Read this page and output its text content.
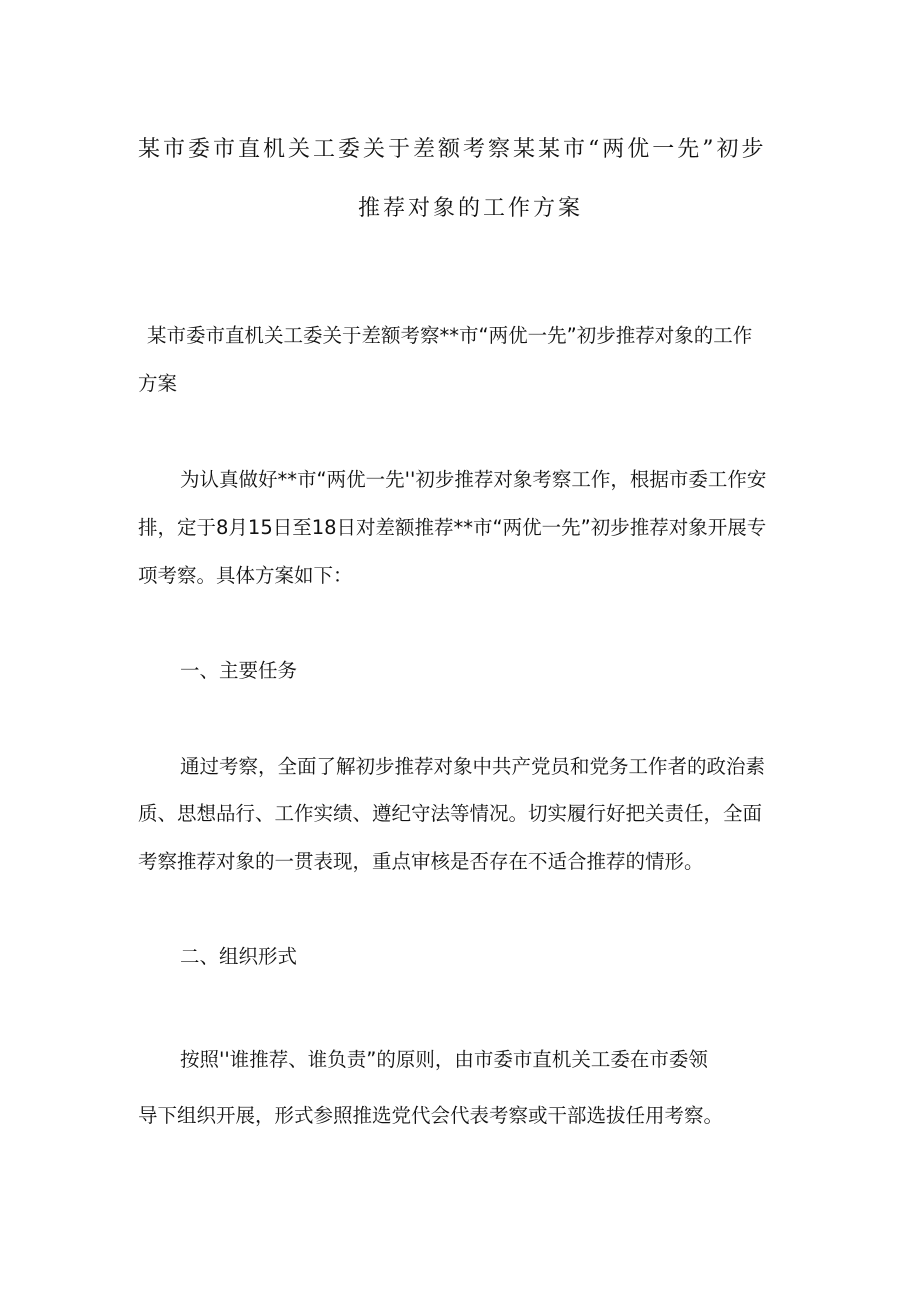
某市委市直机关工委关于差额考察某某市“两优一先”初步
推荐对象的工作方案
某市委市直机关工委关于差额考察**市“两优一先”初步推荐对象的工作
方案
为认真做好**市“两优一先''初步推荐对象考察工作，根据市委工作安
排，定于8月15日至18日对差额推荐**市“两优一先”初步推荐对象开展专
项考察。具体方案如下：
一、主要任务
通过考察，全面了解初步推荐对象中共产党员和党务工作者的政治素
质、思想品行、工作实绩、遵纪守法等情况。切实履行好把关责任，全面
考察推荐对象的一贯表现，重点审核是否存在不适合推荐的情形。
二、组织形式
按照''谁推荐、谁负责”的原则，由市委市直机关工委在市委领
导下组织开展，形式参照推选党代会代表考察或干部选拔任用考察。
